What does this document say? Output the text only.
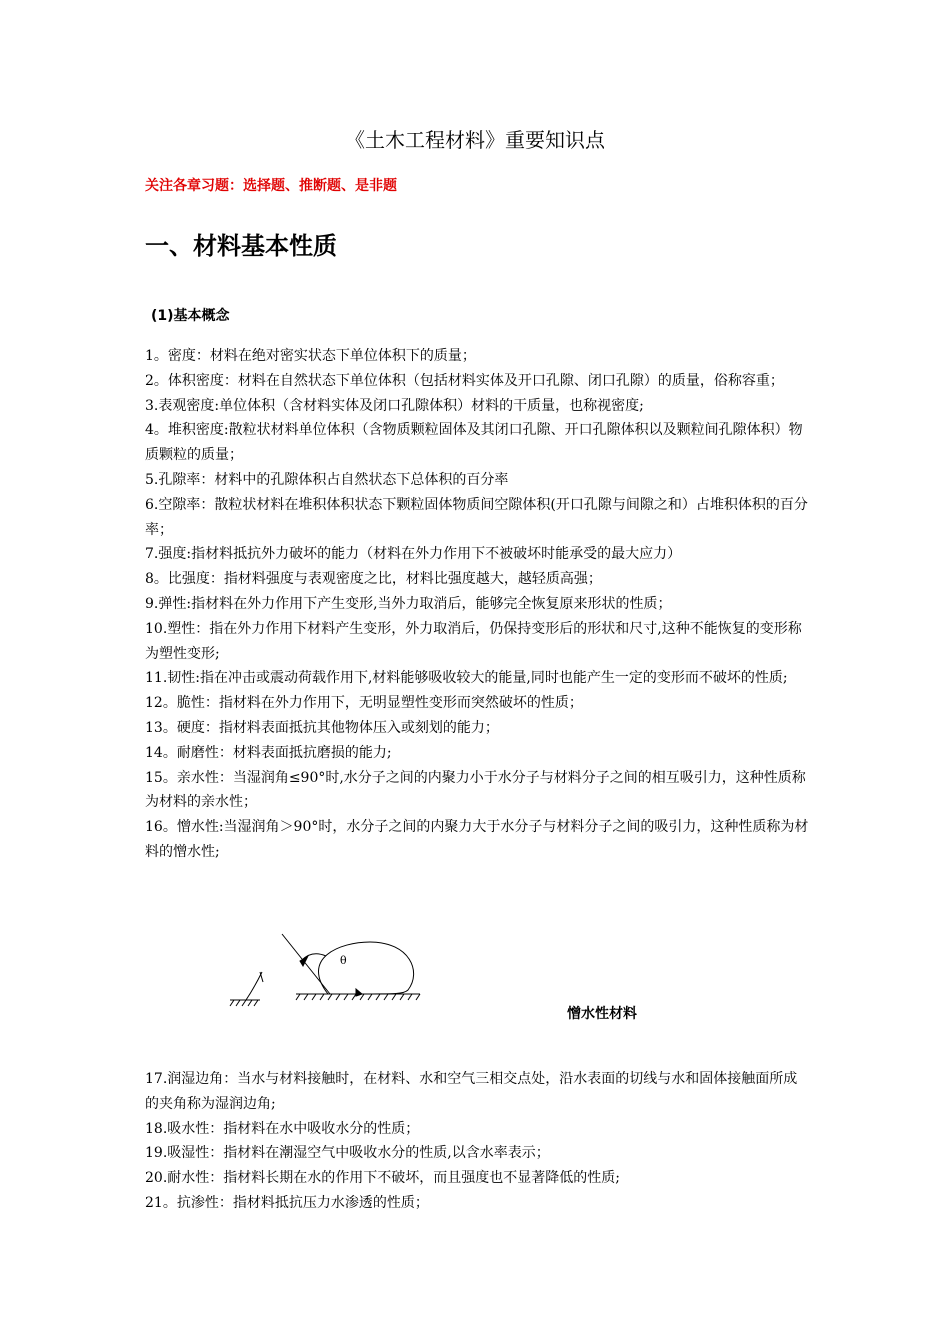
《土木工程材料》重要知识点
关注各章习题：选择题、推断题、是非题
一、材料基本性质
(1)基本概念

1。密度：材料在绝对密实状态下单位体积下的质量；

2。体积密度：材料在自然状态下单位体积（包括材料实体及开口孔隙、闭口孔隙）的质量，俗称容重；

3.表观密度:单位体积（含材料实体及闭口孔隙体积）材料的干质量，也称视密度;

4。堆积密度:散粒状材料单位体积（含物质颗粒固体及其闭口孔隙、开口孔隙体积以及颗粒间孔隙体积）物质颗粒的质量；

5.孔隙率：材料中的孔隙体积占自然状态下总体积的百分率

6.空隙率：散粒状材料在堆积体积状态下颗粒固体物质间空隙体积(开口孔隙与间隙之和）占堆积体积的百分率；

7.强度:指材料抵抗外力破坏的能力（材料在外力作用下不被破坏时能承受的最大应力）

8。比强度：指材料强度与表观密度之比，材料比强度越大，越轻质高强；

9.弹性:指材料在外力作用下产生变形,当外力取消后，能够完全恢复原来形状的性质；

10.塑性：指在外力作用下材料产生变形，外力取消后，仍保持变形后的形状和尺寸,这种不能恢复的变形称为塑性变形;

11.韧性:指在冲击或震动荷载作用下,材料能够吸收较大的能量,同时也能产生一定的变形而不破坏的性质;

12。脆性：指材料在外力作用下，无明显塑性变形而突然破坏的性质；

13。硬度：指材料表面抵抗其他物体压入或刻划的能力；

14。耐磨性：材料表面抵抗磨损的能力;

15。亲水性：当湿润角≤90°时,水分子之间的内聚力小于水分子与材料分子之间的相互吸引力，这种性质称为材料的亲水性；

16。憎水性:当湿润角＞90°时，水分子之间的内聚力大于水分子与材料分子之间的吸引力，这种性质称为材料的憎水性;

θ
憎水性材料

17.润湿边角：当水与材料接触时，在材料、水和空气三相交点处，沿水表面的切线与水和固体接触面所成的夹角称为湿润边角;

18.吸水性：指材料在水中吸收水分的性质；

19.吸湿性：指材料在潮湿空气中吸收水分的性质,以含水率表示；

20.耐水性：指材料长期在水的作用下不破坏，而且强度也不显著降低的性质;

21。抗渗性：指材料抵抗压力水渗透的性质；
